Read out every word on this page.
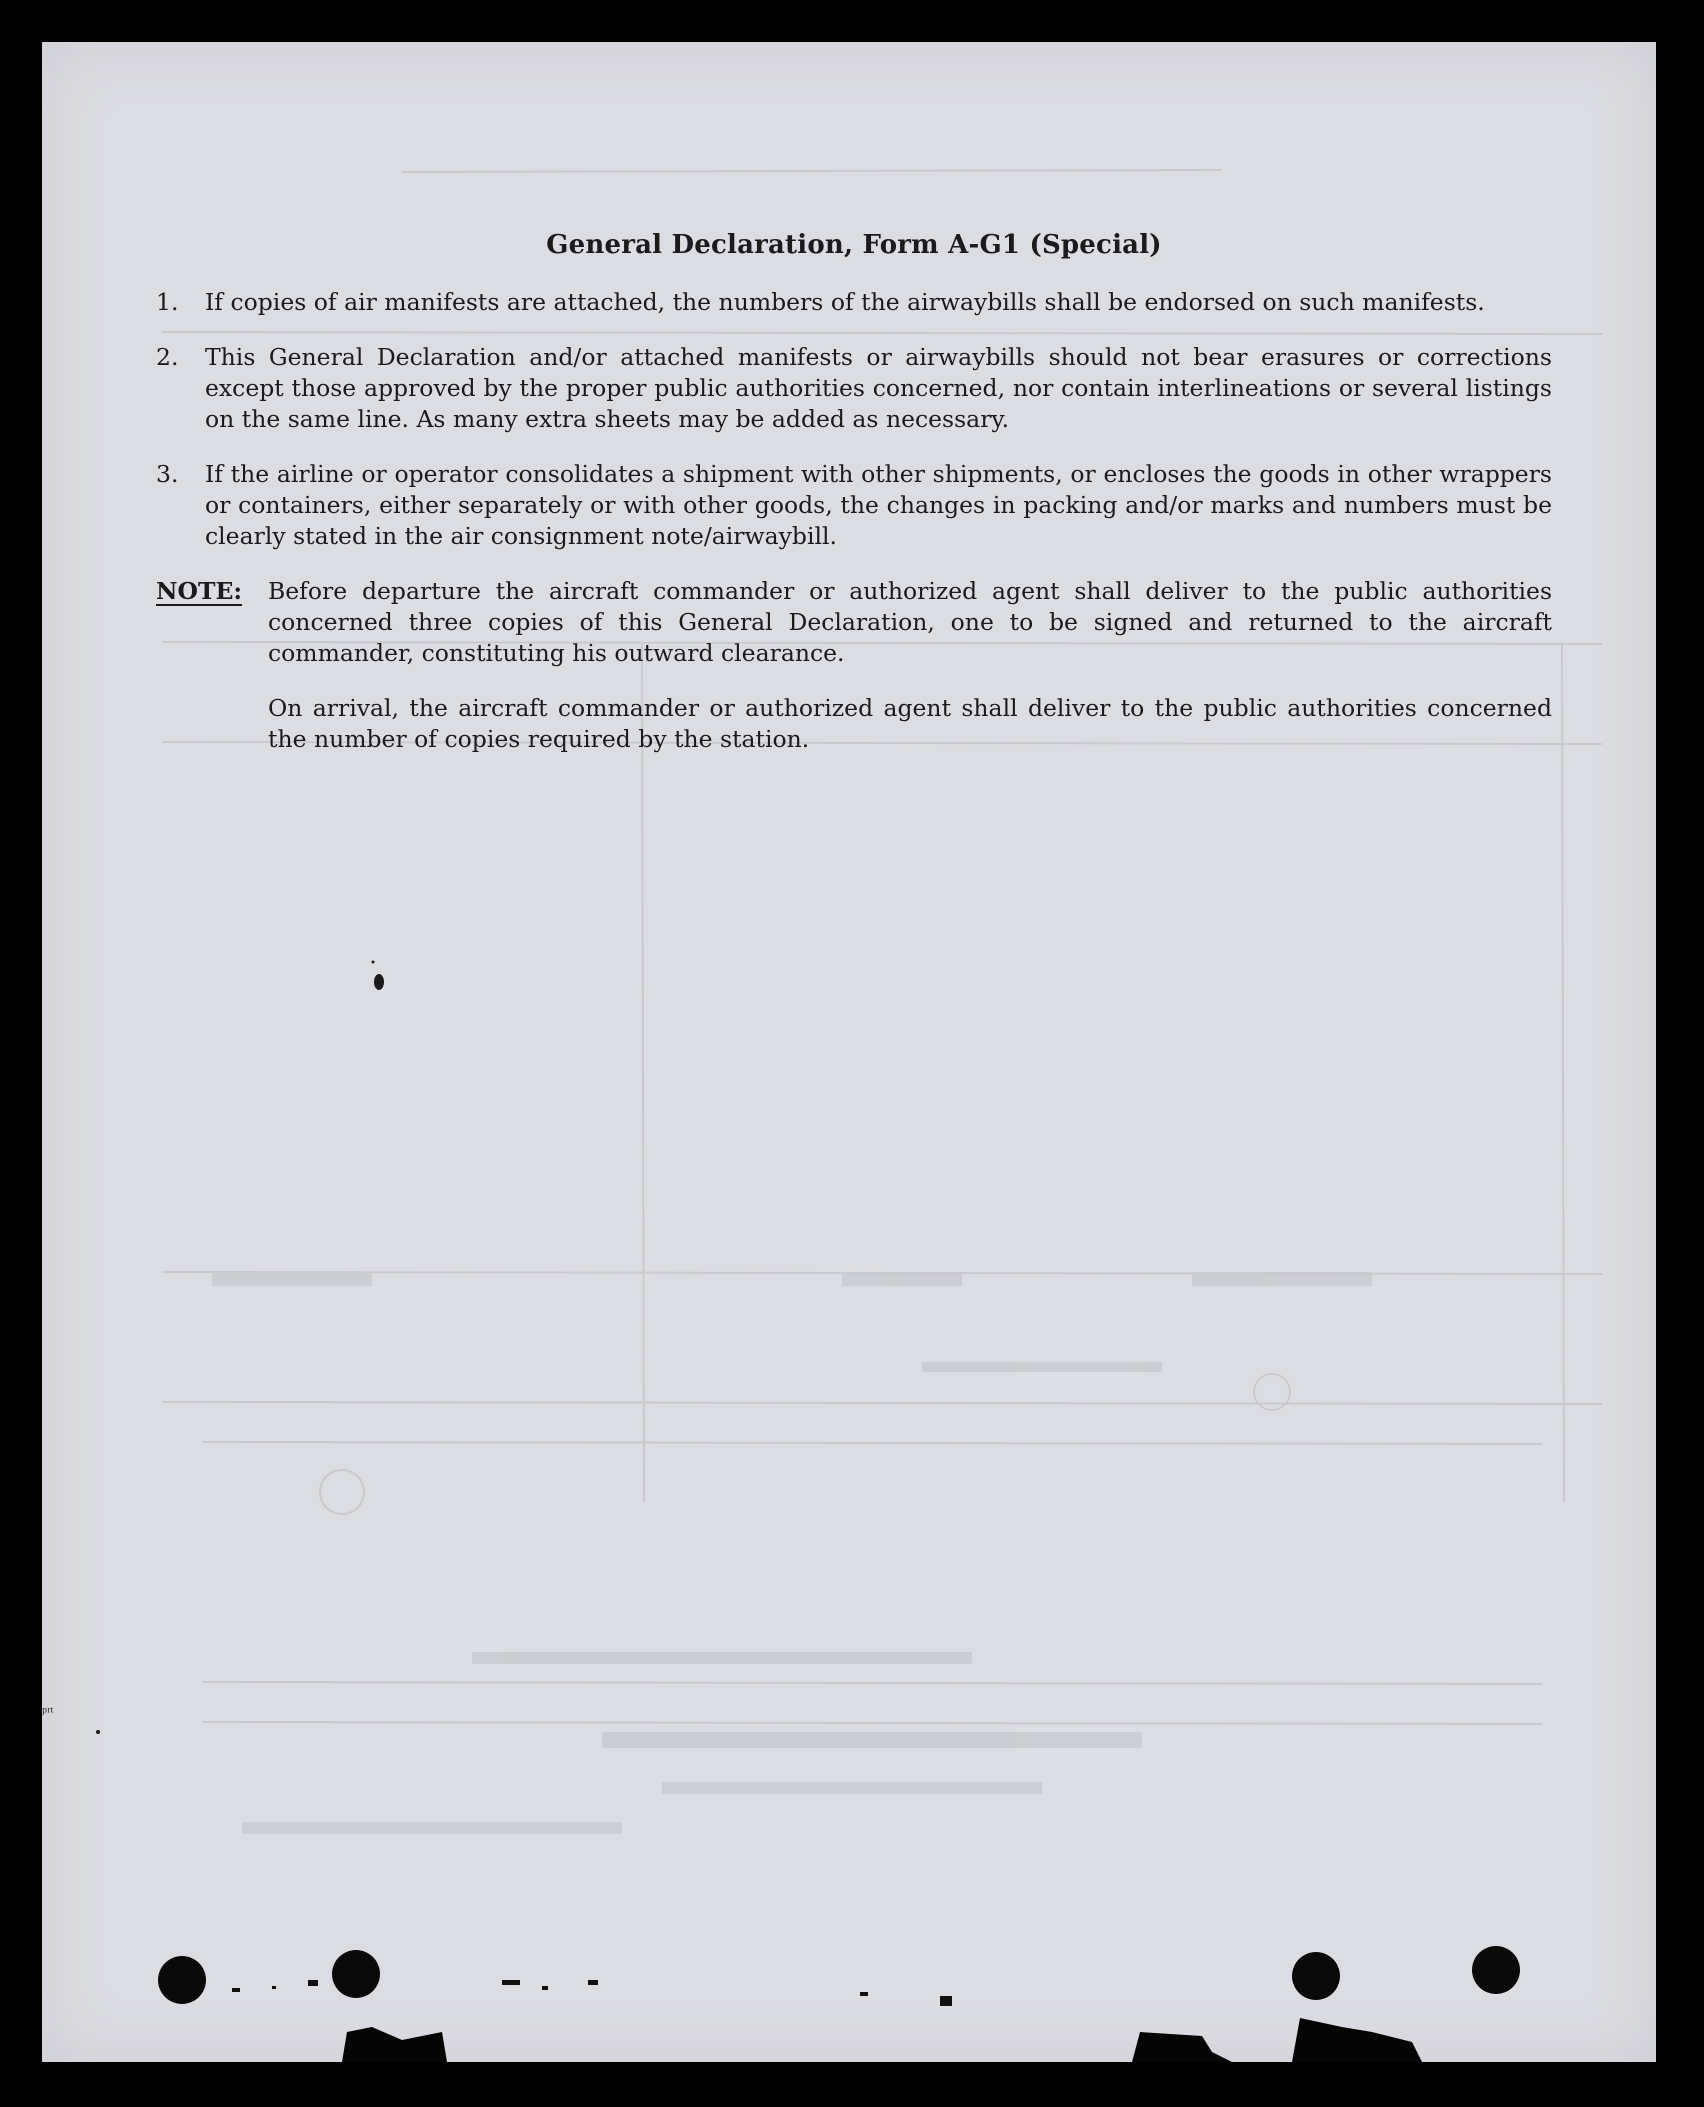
ᵖʳᵗ
General Declaration, Form A-G1 (Special)
1.	If copies of air manifests are attached, the numbers of the airwaybills shall be endorsed on such manifests.
2.	This General Declaration and/or attached manifests or airwaybills should not bear erasures or corrections except those approved by the proper public authorities concerned, nor contain interlineations or several listings on the same line. As many extra sheets may be added as necessary.
3.	If the airline or operator consolidates a shipment with other shipments, or encloses the goods in other wrappers or containers, either separately or with other goods, the changes in packing and/or marks and numbers must be clearly stated in the air consignment note/airwaybill.
NOTE:	Before departure the aircraft commander or authorized agent shall deliver to the public authorities concerned three copies of this General Declaration, one to be signed and returned to the aircraft commander, constituting his outward clearance.

On arrival, the aircraft commander or authorized agent shall deliver to the public authorities concerned the number of copies required by the station.
